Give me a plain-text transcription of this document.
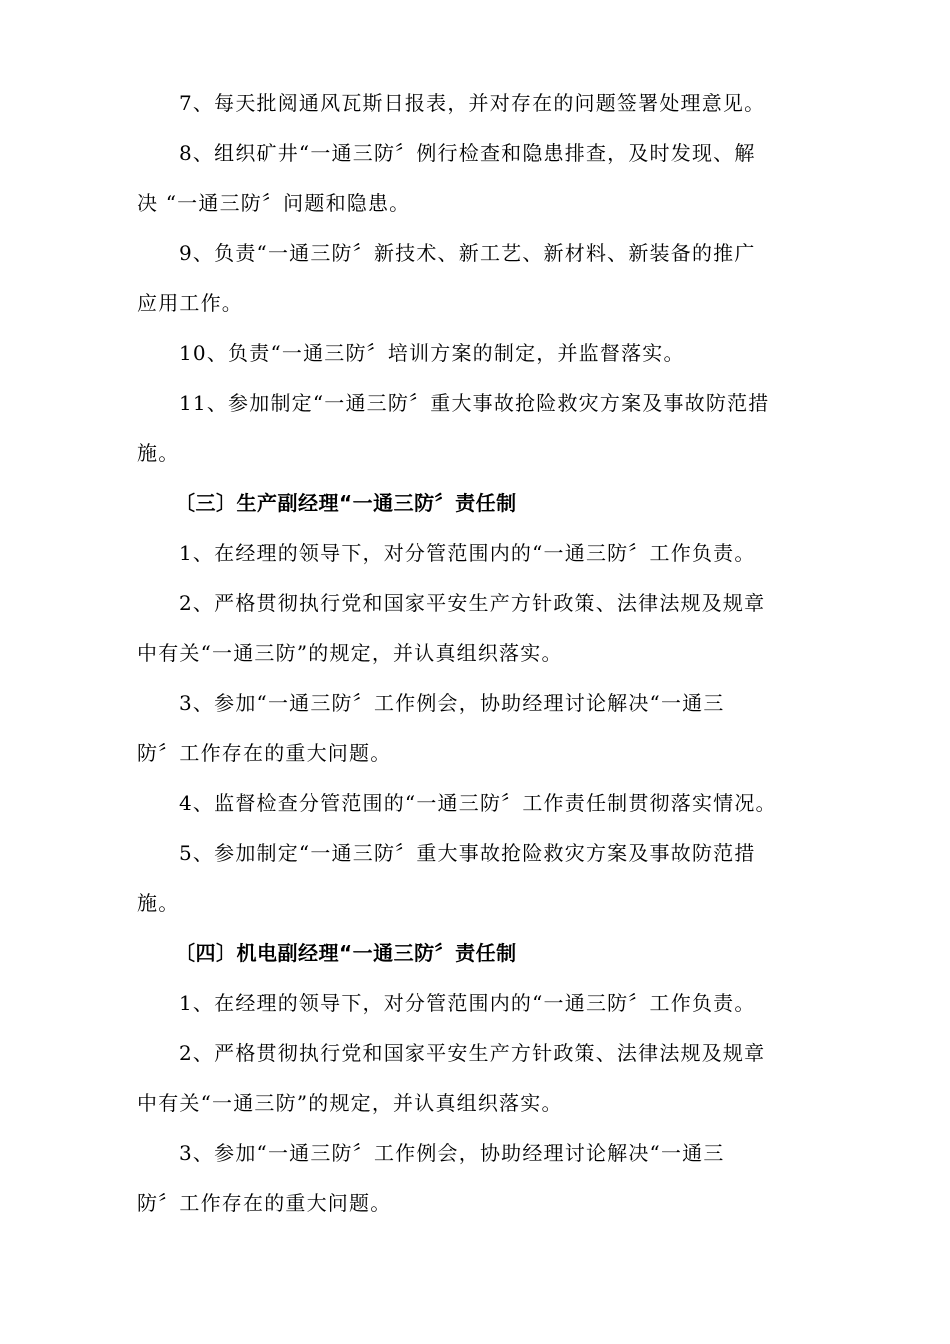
7、每天批阅通风瓦斯日报表，并对存在的问题签署处理意见。
8、组织矿井“一通三防〞例行检查和隐患排查，及时发现、解
决 “一通三防〞问题和隐患。
9、负责“一通三防〞新技术、新工艺、新材料、新装备的推广
应用工作。
10、负责“一通三防〞培训方案的制定，并监督落实。
11、参加制定“一通三防〞重大事故抢险救灾方案及事故防范措
施。

〔三〕生产副经理“一通三防〞责任制

1、在经理的领导下，对分管范围内的“一通三防〞工作负责。
2、严格贯彻执行党和国家平安生产方针政策、法律法规及规章
中有关“一通三防”的规定，并认真组织落实。
3、参加“一通三防〞工作例会，协助经理讨论解决“一通三
防〞工作存在的重大问题。
4、监督检查分管范围的“一通三防〞工作责任制贯彻落实情况。
5、参加制定“一通三防〞重大事故抢险救灾方案及事故防范措
施。

〔四〕机电副经理“一通三防〞责任制

1、在经理的领导下，对分管范围内的“一通三防〞工作负责。
2、严格贯彻执行党和国家平安生产方针政策、法律法规及规章
中有关“一通三防”的规定，并认真组织落实。
3、参加“一通三防〞工作例会，协助经理讨论解决“一通三
防〞工作存在的重大问题。
